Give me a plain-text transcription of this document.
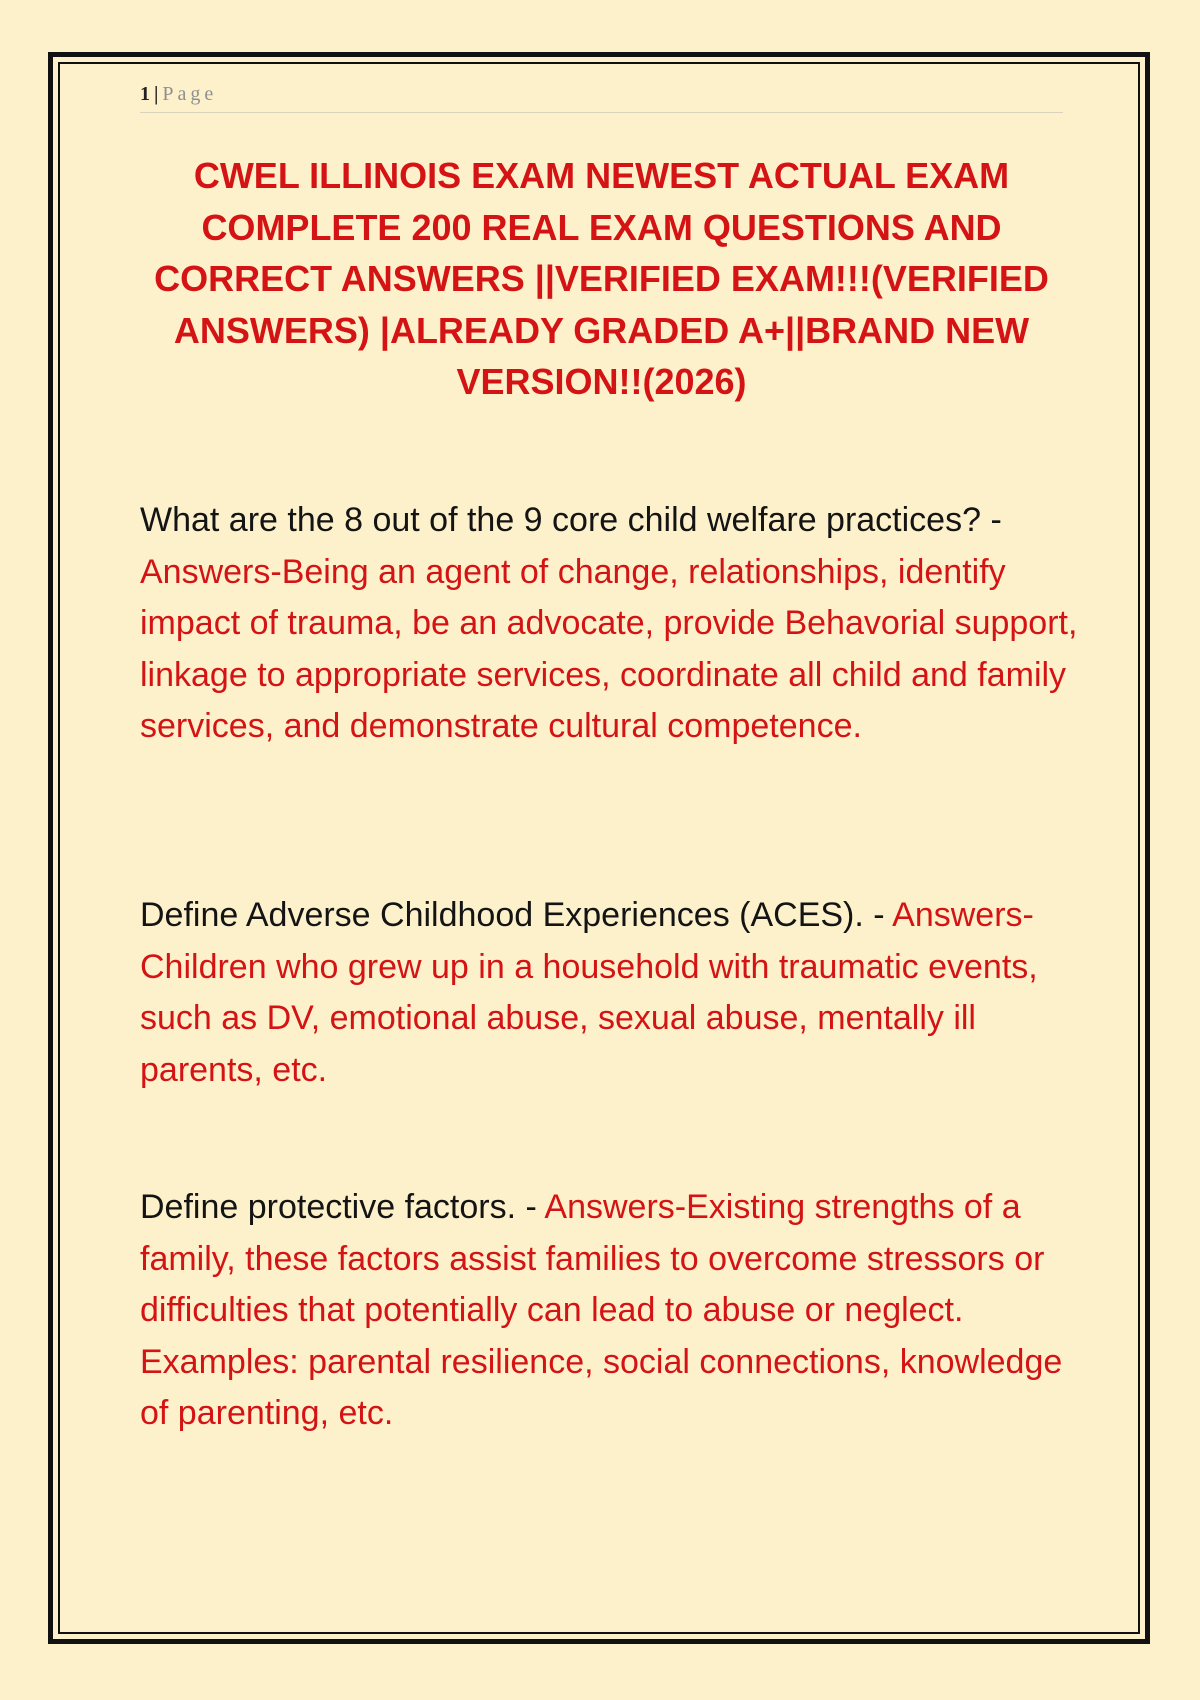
1 | Page
CWEL ILLINOIS EXAM NEWEST ACTUAL EXAM COMPLETE 200 REAL EXAM QUESTIONS AND CORRECT ANSWERS ||VERIFIED EXAM!!!(VERIFIED ANSWERS) |ALREADY GRADED A+||BRAND NEW VERSION!!(2026)

What are the 8 out of the 9 core child welfare practices? - Answers-Being an agent of change, relationships, identify impact of trauma, be an advocate, provide Behavorial support, linkage to appropriate services, coordinate all child and family services, and demonstrate cultural competence.

Define Adverse Childhood Experiences (ACES). - Answers-Children who grew up in a household with traumatic events, such as DV, emotional abuse, sexual abuse, mentally ill parents, etc.

Define protective factors. - Answers-Existing strengths of a family, these factors assist families to overcome stressors or difficulties that potentially can lead to abuse or neglect. Examples: parental resilience, social connections, knowledge of parenting, etc.
